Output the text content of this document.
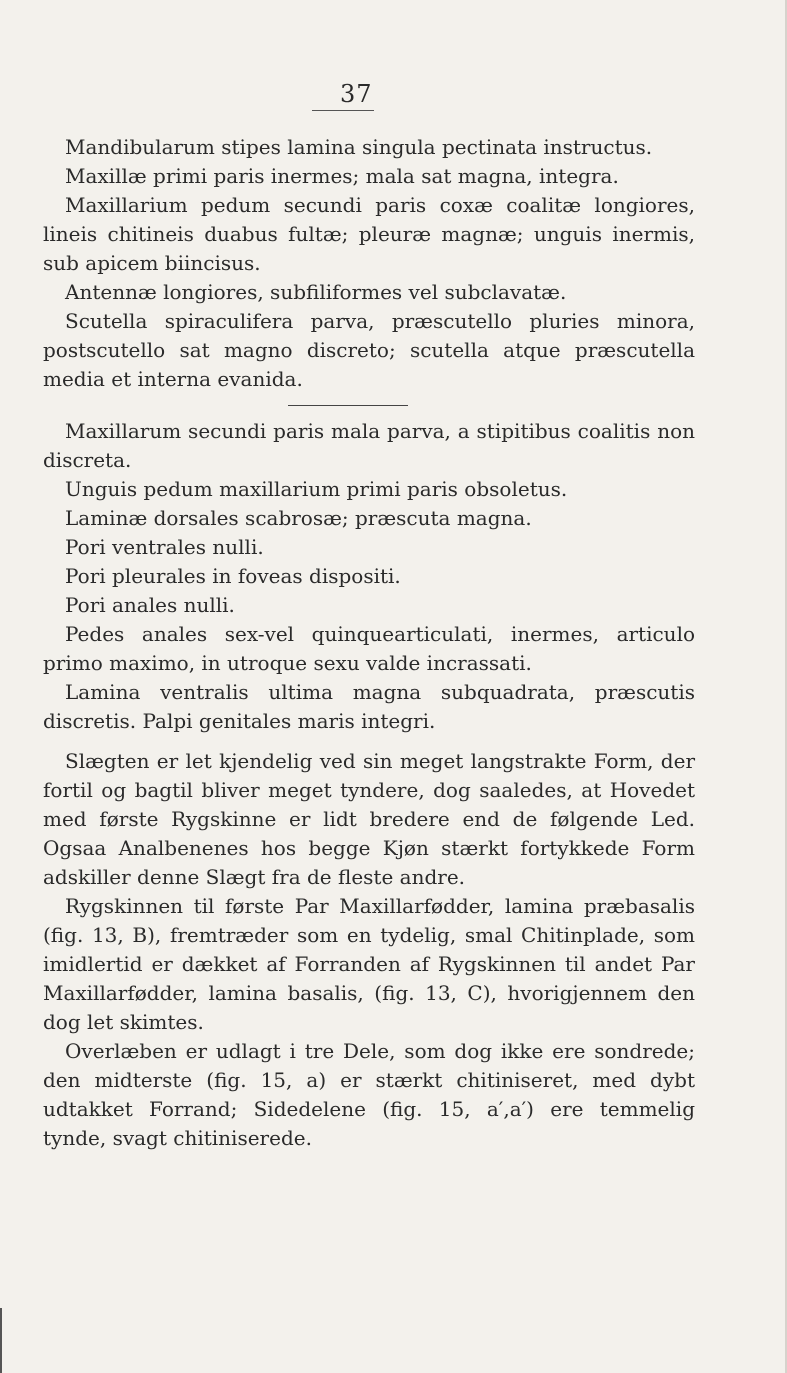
37

Mandibularum stipes lamina singula pectinata instructus.

Maxillæ primi paris inermes; mala sat magna, integra.

Maxillarium pedum secundi paris coxæ coalitæ longiores, lineis chitineis duabus fultæ; pleuræ magnæ; unguis inermis, sub apicem biincisus.

Antennæ longiores, subfiliformes vel subclavatæ.

Scutella spiraculifera parva, præscutello pluries minora, postscutello sat magno discreto; scutella atque præscutella media et interna evanida.

Maxillarum secundi paris mala parva, a stipitibus coalitis non discreta.

Unguis pedum maxillarium primi paris obsoletus.

Laminæ dorsales scabrosæ; præscuta magna.

Pori ventrales nulli.

Pori pleurales in foveas dispositi.

Pori anales nulli.

Pedes anales sex-vel quinquearticulati, inermes, articulo primo maximo, in utroque sexu valde incrassati.

Lamina ventralis ultima magna subquadrata, præscutis discretis. Palpi genitales maris integri.

Slægten er let kjendelig ved sin meget langstrakte Form, der fortil og bagtil bliver meget tyndere, dog saaledes, at Hovedet med første Rygskinne er lidt bredere end de følgende Led. Ogsaa Analbenenes hos begge Kjøn stærkt fortykkede Form adskiller denne Slægt fra de fleste andre.

Rygskinnen til første Par Maxillarfødder, lamina præbasalis (fig. 13, B), fremtræder som en tydelig, smal Chitinplade, som imidlertid er dækket af Forranden af Rygskinnen til andet Par Maxillarfødder, lamina basalis, (fig. 13, C), hvorigjennem den dog let skimtes.

Overlæben er udlagt i tre Dele, som dog ikke ere sondrede; den midterste (fig. 15, a) er stærkt chitiniseret, med dybt udtakket Forrand; Sidedelene (fig. 15, a′,a′) ere temmelig tynde, svagt chitiniserede.
